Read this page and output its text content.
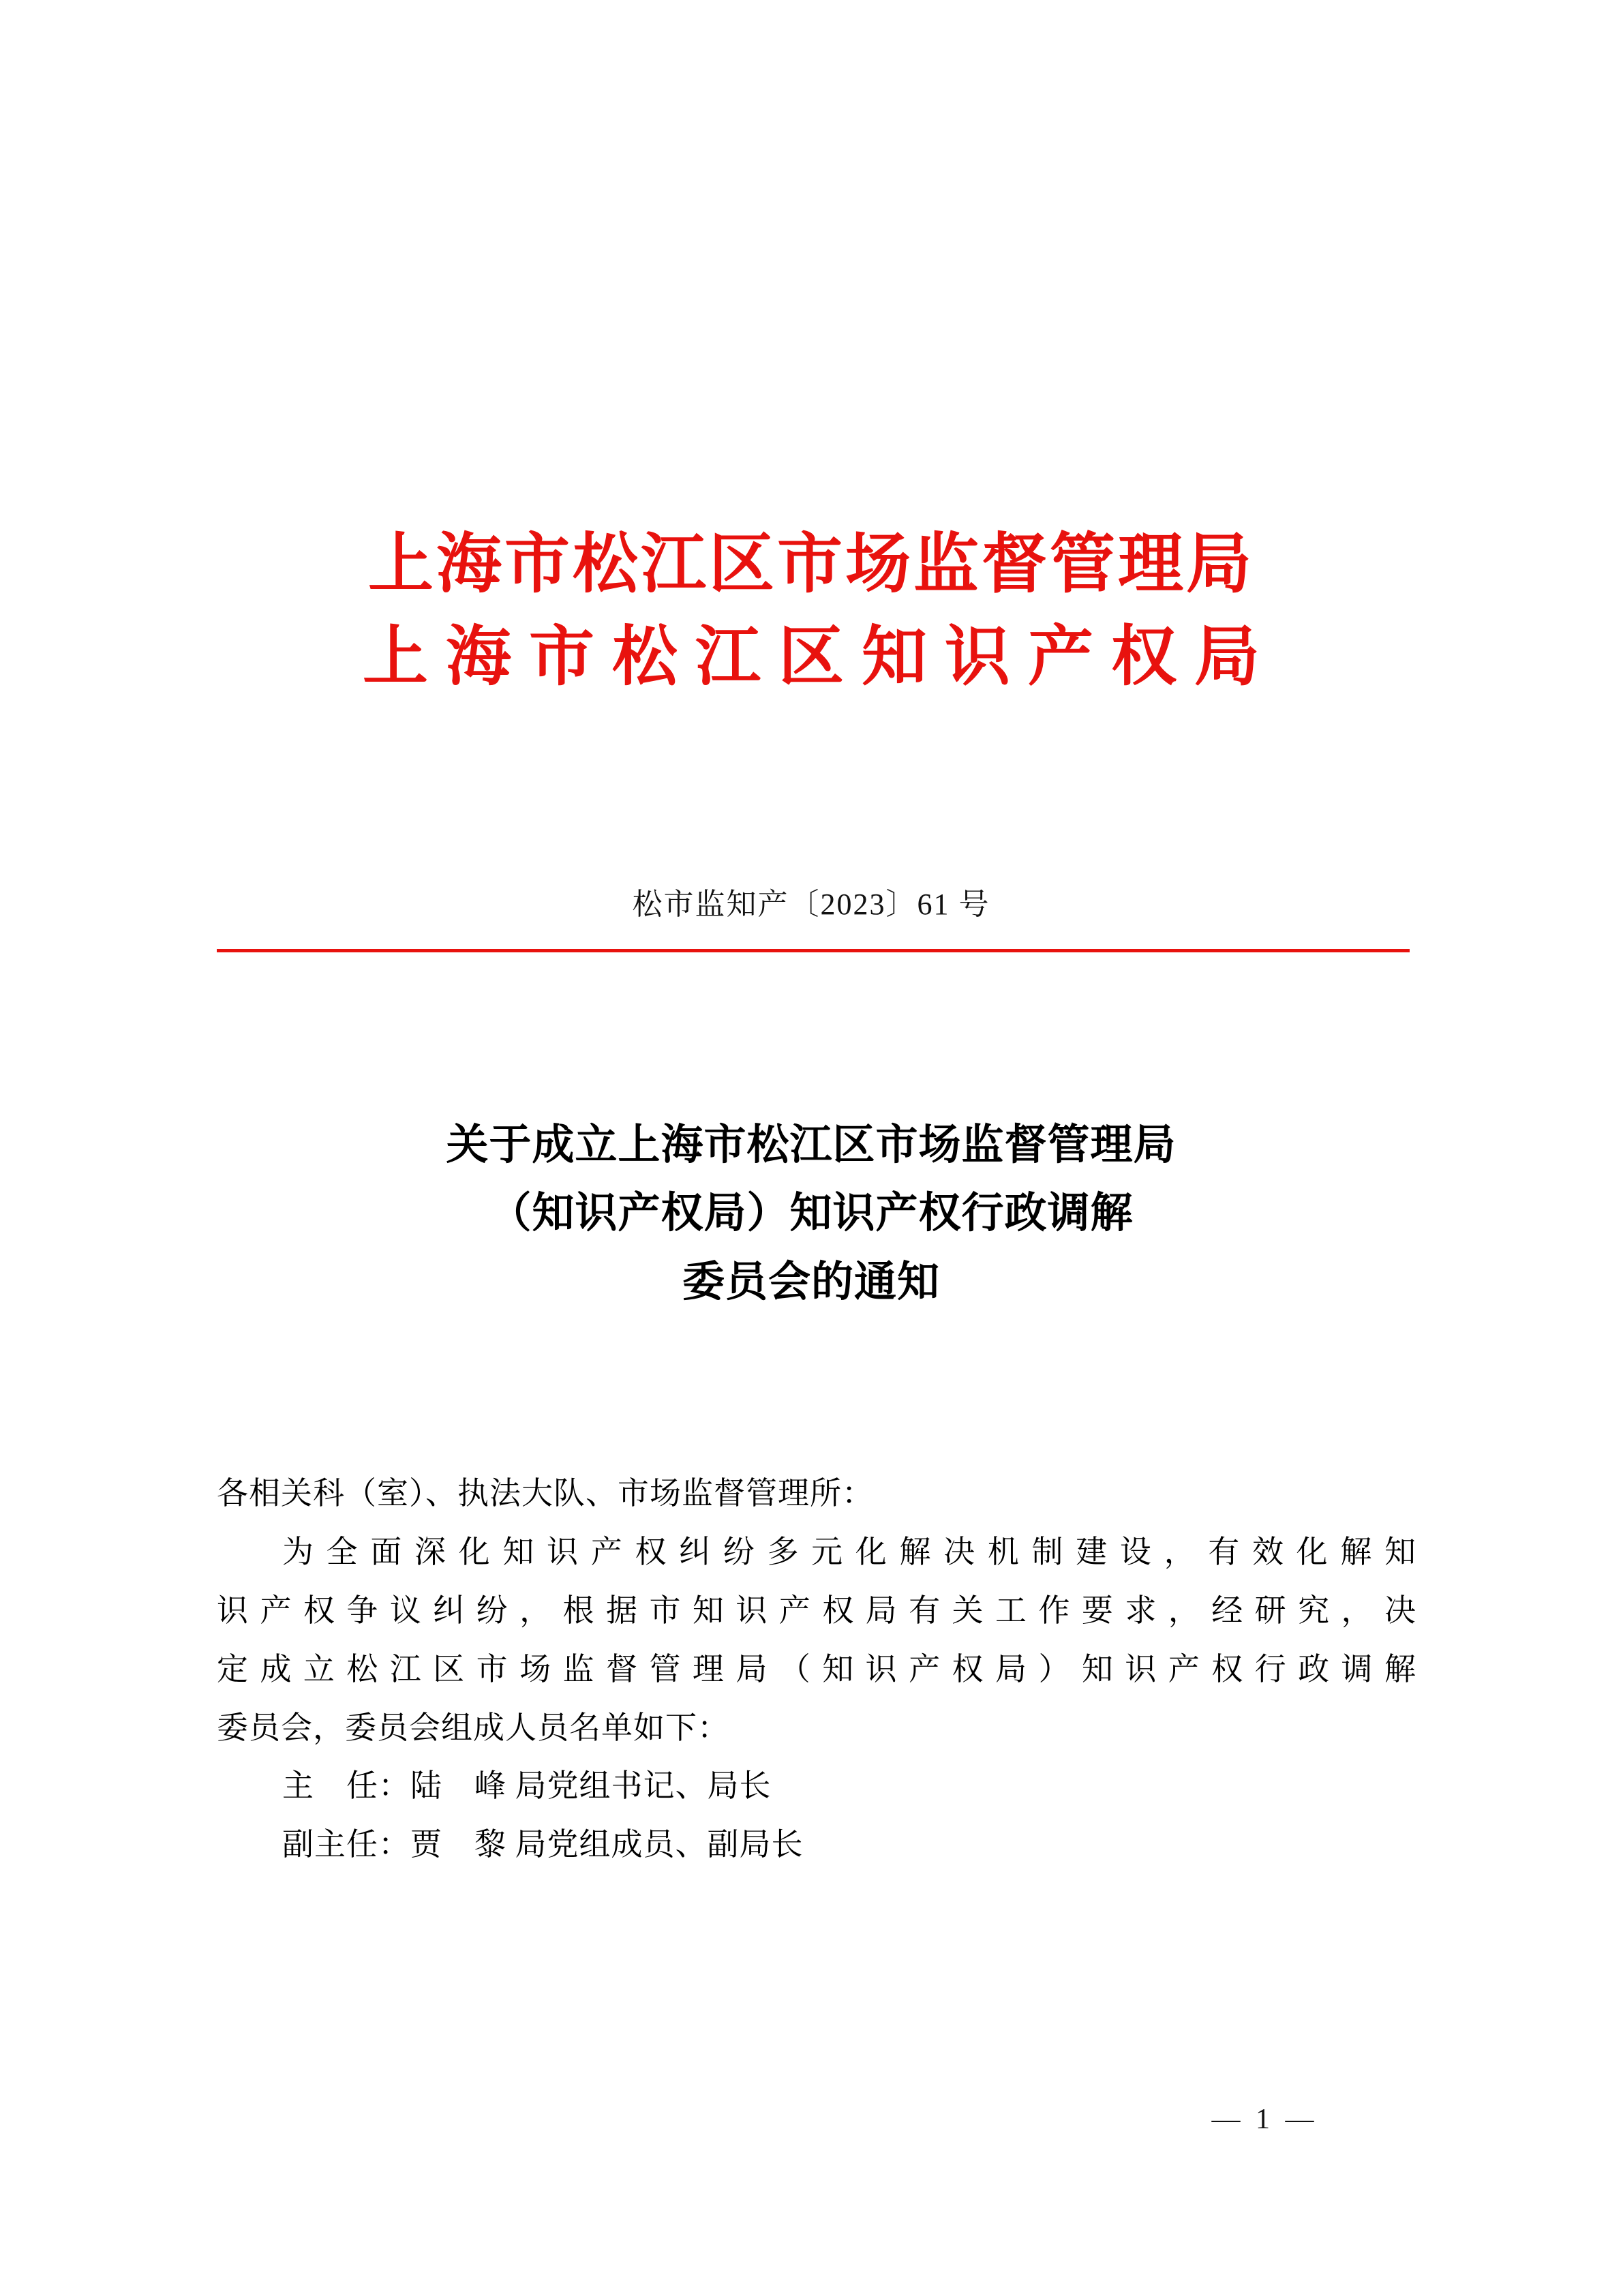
上海市松江区市场监督管理局
上海市松江区知识产权局
松市监知产〔2023〕61 号
关于成立上海市松江区市场监督管理局
（知识产权局）知识产权行政调解
委员会的通知

各相关科（室）、执法大队、市场监督管理所：

为全面深化知识产权纠纷多元化解决机制建设，有效化解知

识产权争议纠纷，根据市知识产权局有关工作要求，经研究，决

定成立松江区市场监督管理局（知识产权局）知识产权行政调解

委员会，委员会组成人员名单如下：

主　任：陆　峰 局党组书记、局长

副主任：贾　黎 局党组成员、副局长

— 1 —
